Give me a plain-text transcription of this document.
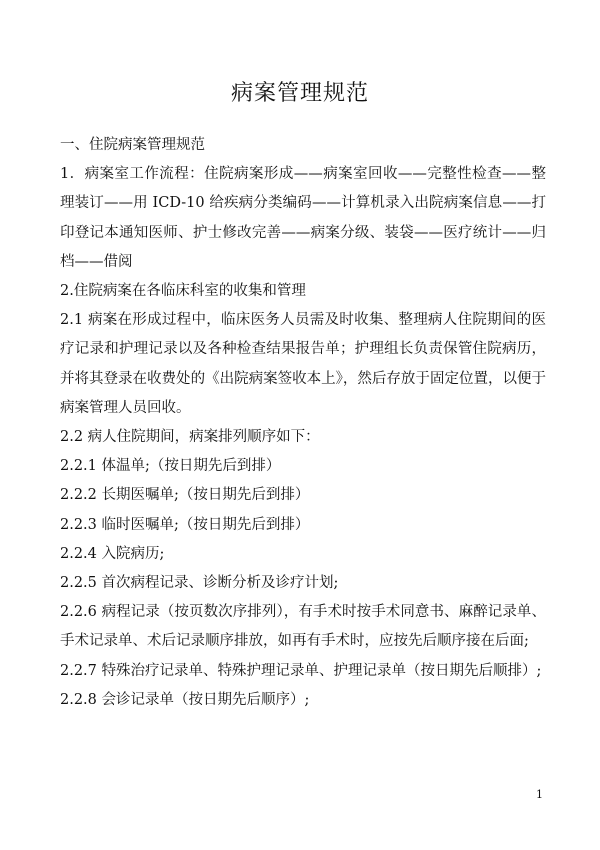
病案管理规范

一、住院病案管理规范

1．病案室工作流程：住院病案形成——病案室回收——完整性检查——整理装订——用 ICD-10 给疾病分类编码——计算机录入出院病案信息——打印登记本通知医师、护士修改完善——病案分级、装袋——医疗统计——归档——借阅

2.住院病案在各临床科室的收集和管理

2.1 病案在形成过程中，临床医务人员需及时收集、整理病人住院期间的医疗记录和护理记录以及各种检查结果报告单；护理组长负责保管住院病历，并将其登录在收费处的《出院病案签收本上》，然后存放于固定位置，以便于病案管理人员回收。

2.2 病人住院期间，病案排列顺序如下：

2.2.1 体温单;（按日期先后到排）

2.2.2 长期医嘱单;（按日期先后到排）

2.2.3 临时医嘱单;（按日期先后到排）

2.2.4 入院病历;

2.2.5 首次病程记录、诊断分析及诊疗计划;

2.2.6 病程记录（按页数次序排列），有手术时按手术同意书、麻醉记录单、手术记录单、术后记录顺序排放，如再有手术时，应按先后顺序接在后面;

2.2.7 特殊治疗记录单、特殊护理记录单、护理记录单（按日期先后顺排）;

2.2.8 会诊记录单（按日期先后顺序）;

1
